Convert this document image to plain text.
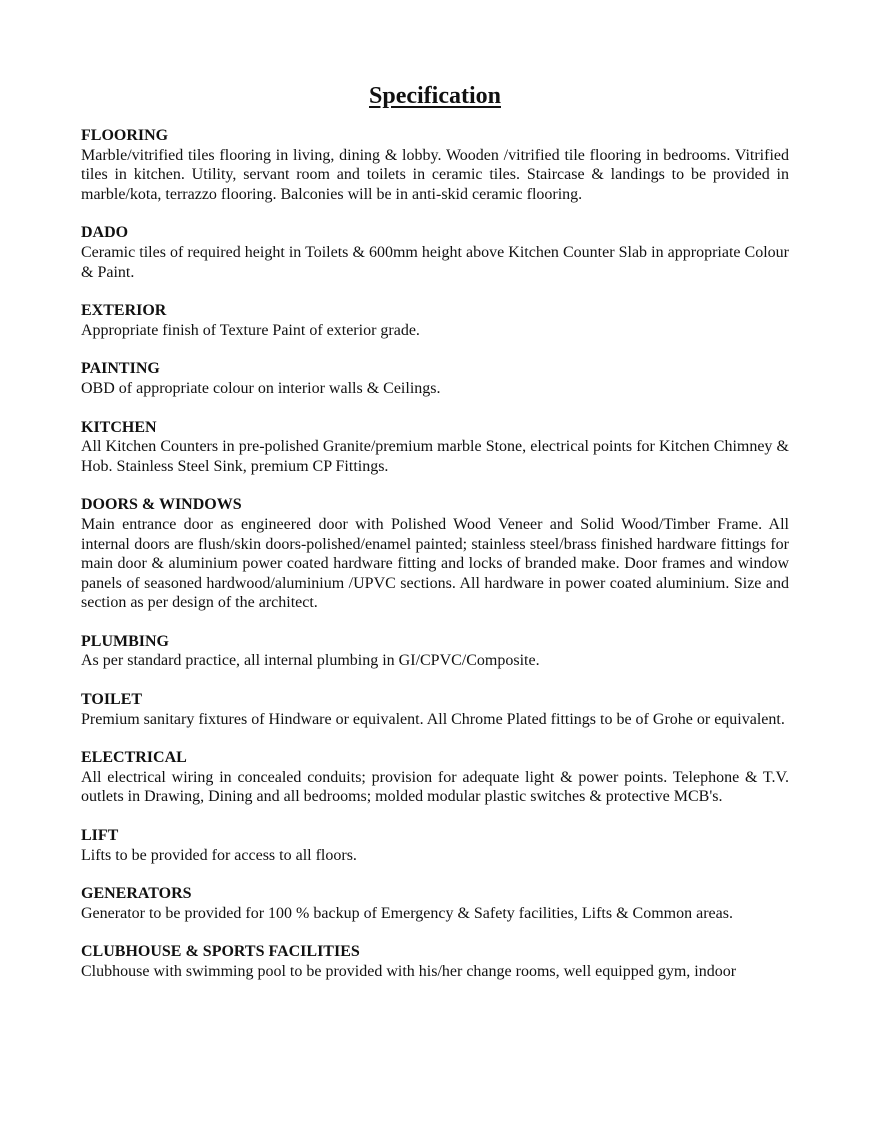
Specification

FLOORING

Marble/vitrified tiles flooring in living, dining & lobby. Wooden /vitrified tile flooring in bedrooms. Vitrified tiles in kitchen. Utility, servant room and toilets in ceramic tiles. Staircase & landings to be provided in marble/kota, terrazzo flooring. Balconies will be in anti-skid ceramic flooring.

DADO

Ceramic tiles of required height in Toilets & 600mm height above Kitchen Counter Slab in appropriate Colour & Paint.

EXTERIOR

Appropriate finish of Texture Paint of exterior grade.

PAINTING

OBD of appropriate colour on interior walls & Ceilings.

KITCHEN

All Kitchen Counters in pre-polished Granite/premium marble Stone, electrical points for Kitchen Chimney & Hob. Stainless Steel Sink, premium CP Fittings.

DOORS & WINDOWS

Main entrance door as engineered door with Polished Wood Veneer and Solid Wood/Timber Frame. All internal doors are flush/skin doors-polished/enamel painted; stainless steel/brass finished hardware fittings for main door & aluminium power coated hardware fitting and locks of branded make. Door frames and window panels of seasoned hardwood/aluminium /UPVC sections. All hardware in power coated aluminium. Size and section as per design of the architect.

PLUMBING

As per standard practice, all internal plumbing in GI/CPVC/Composite.

TOILET

Premium sanitary fixtures of Hindware or equivalent. All Chrome Plated fittings to be of Grohe or equivalent.

ELECTRICAL

All electrical wiring in concealed conduits; provision for adequate light & power points. Telephone & T.V. outlets in Drawing, Dining and all bedrooms; molded modular plastic switches & protective MCB's.

LIFT

Lifts to be provided for access to all floors.

GENERATORS

Generator to be provided for 100 % backup of Emergency & Safety facilities, Lifts & Common areas.

CLUBHOUSE & SPORTS FACILITIES

Clubhouse with swimming pool to be provided with his/her change rooms, well equipped gym, indoor
